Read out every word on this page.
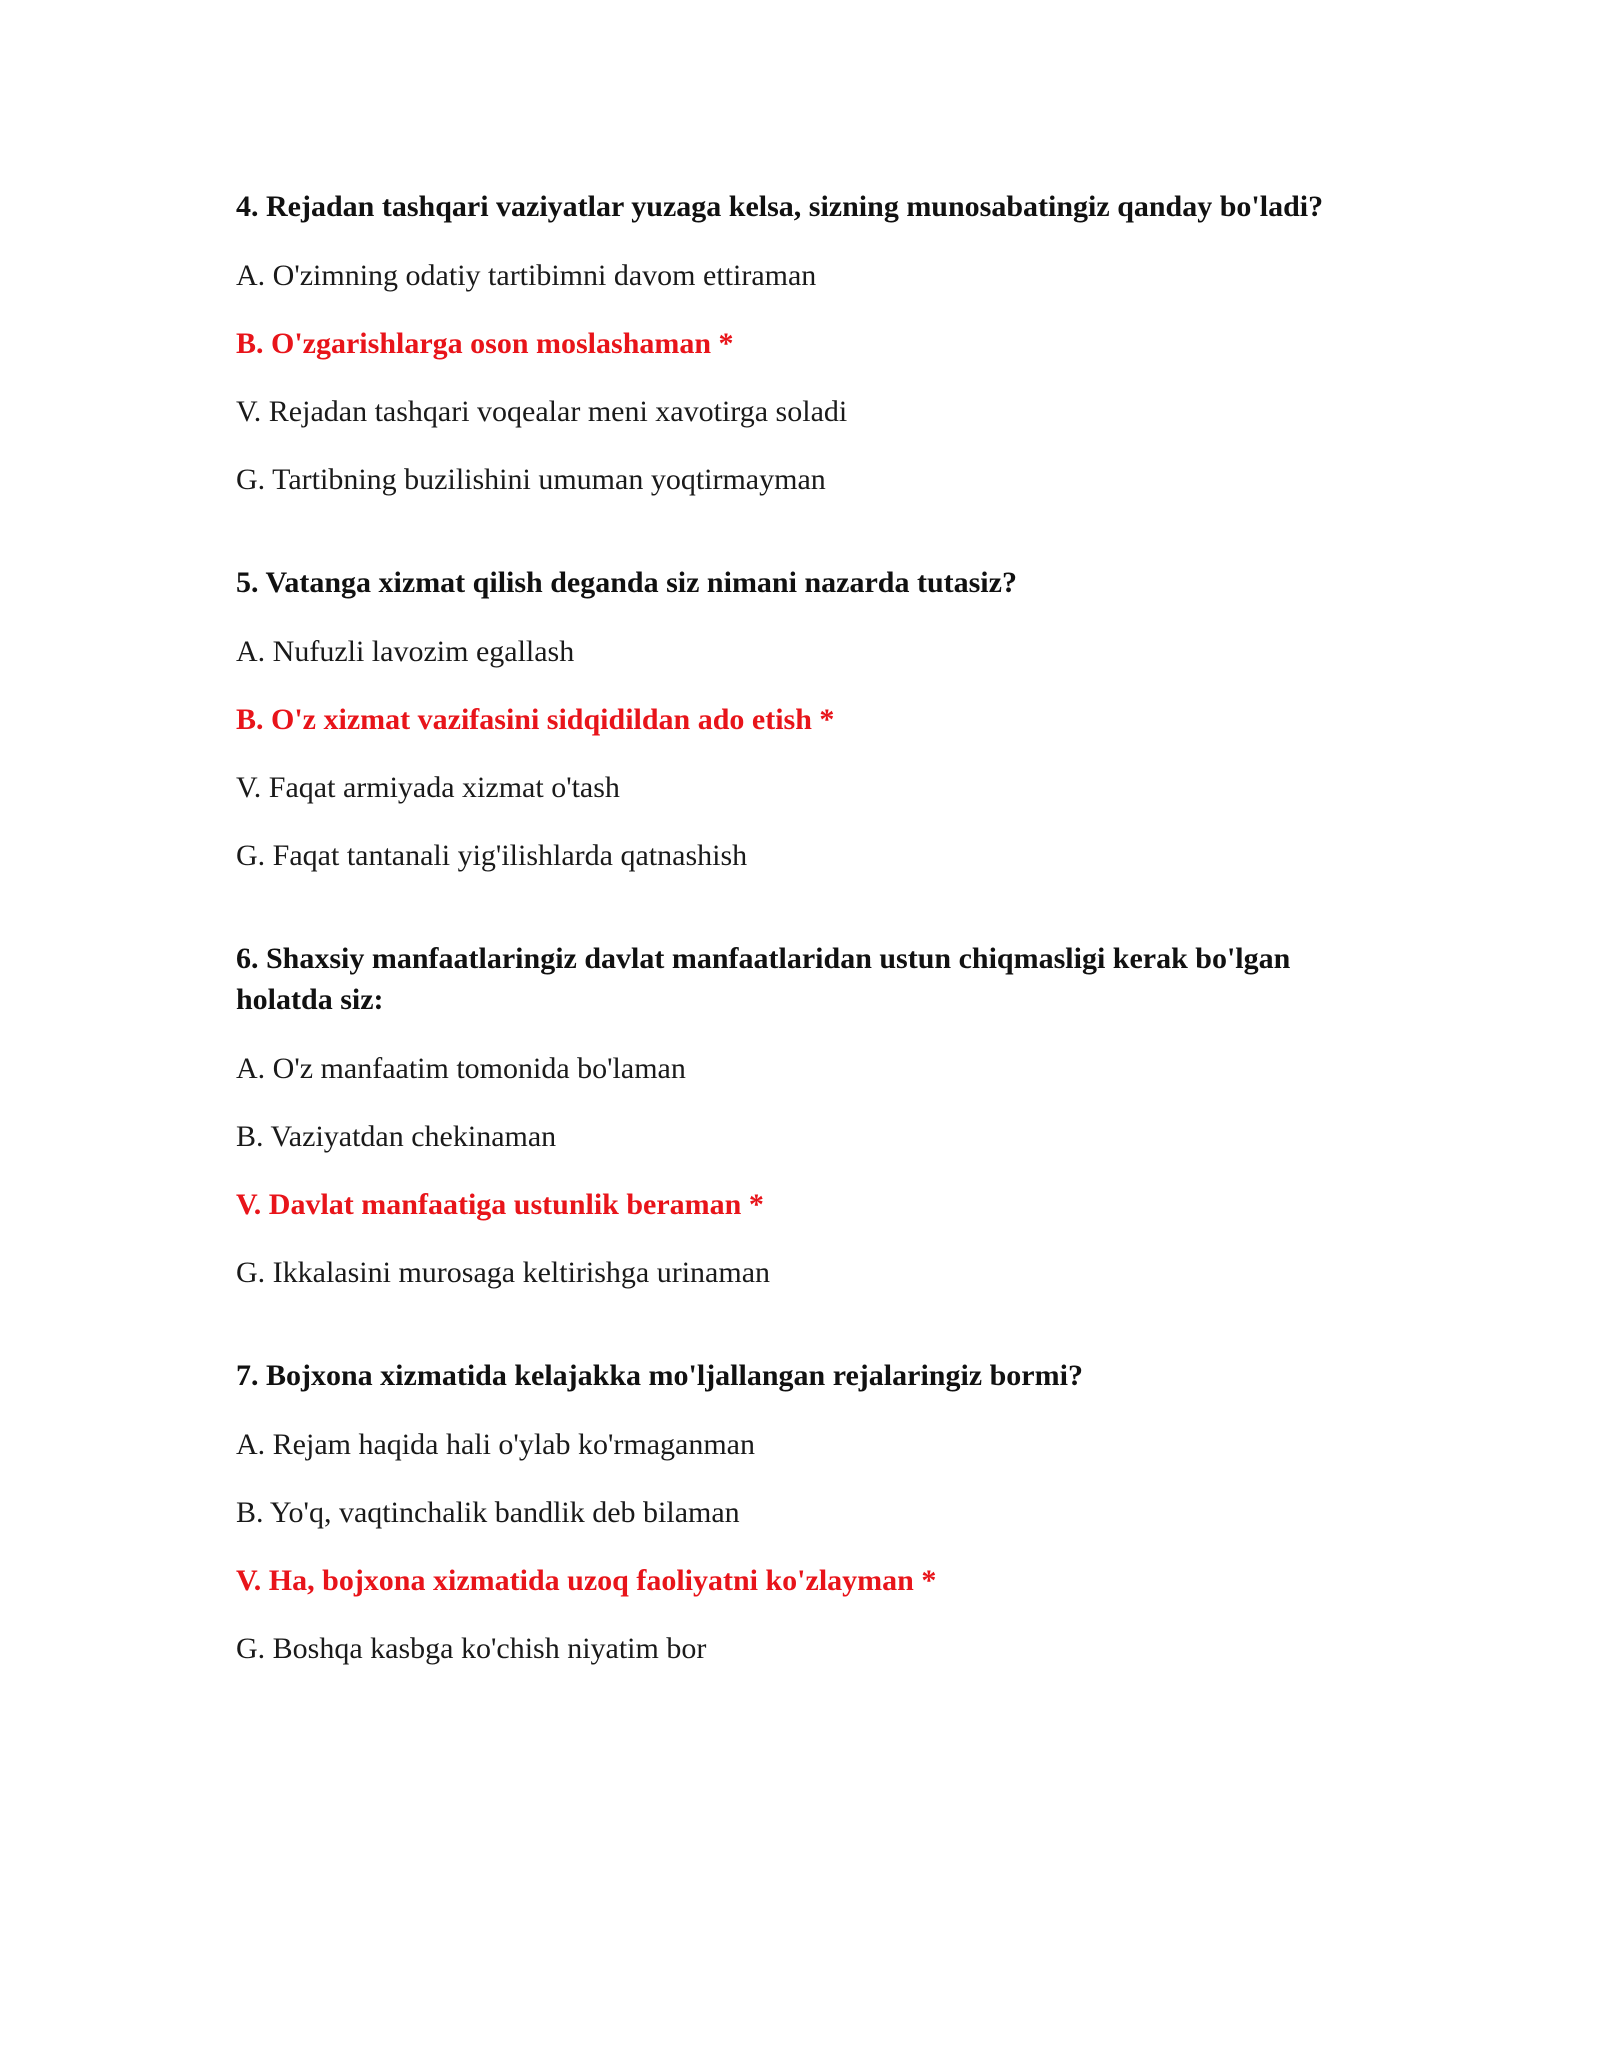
4. Rejadan tashqari vaziyatlar yuzaga kelsa, sizning munosabatingiz qanday bo'ladi?
A. O'zimning odatiy tartibimni davom ettiraman
B. O'zgarishlarga oson moslashaman *
V. Rejadan tashqari voqealar meni xavotirga soladi
G. Tartibning buzilishini umuman yoqtirmayman
5. Vatanga xizmat qilish deganda siz nimani nazarda tutasiz?
A. Nufuzli lavozim egallash
B. O'z xizmat vazifasini sidqidildan ado etish *
V. Faqat armiyada xizmat o'tash
G. Faqat tantanali yig'ilishlarda qatnashish
6. Shaxsiy manfaatlaringiz davlat manfaatlaridan ustun chiqmasligi kerak bo'lgan holatda siz:
A. O'z manfaatim tomonida bo'laman
B. Vaziyatdan chekinaman
V. Davlat manfaatiga ustunlik beraman *
G. Ikkalasini murosaga keltirishga urinaman
7. Bojxona xizmatida kelajakka mo'ljallangan rejalaringiz bormi?
A. Rejam haqida hali o'ylab ko'rmaganman
B. Yo'q, vaqtinchalik bandlik deb bilaman
V. Ha, bojxona xizmatida uzoq faoliyatni ko'zlayman *
G. Boshqa kasbga ko'chish niyatim bor
